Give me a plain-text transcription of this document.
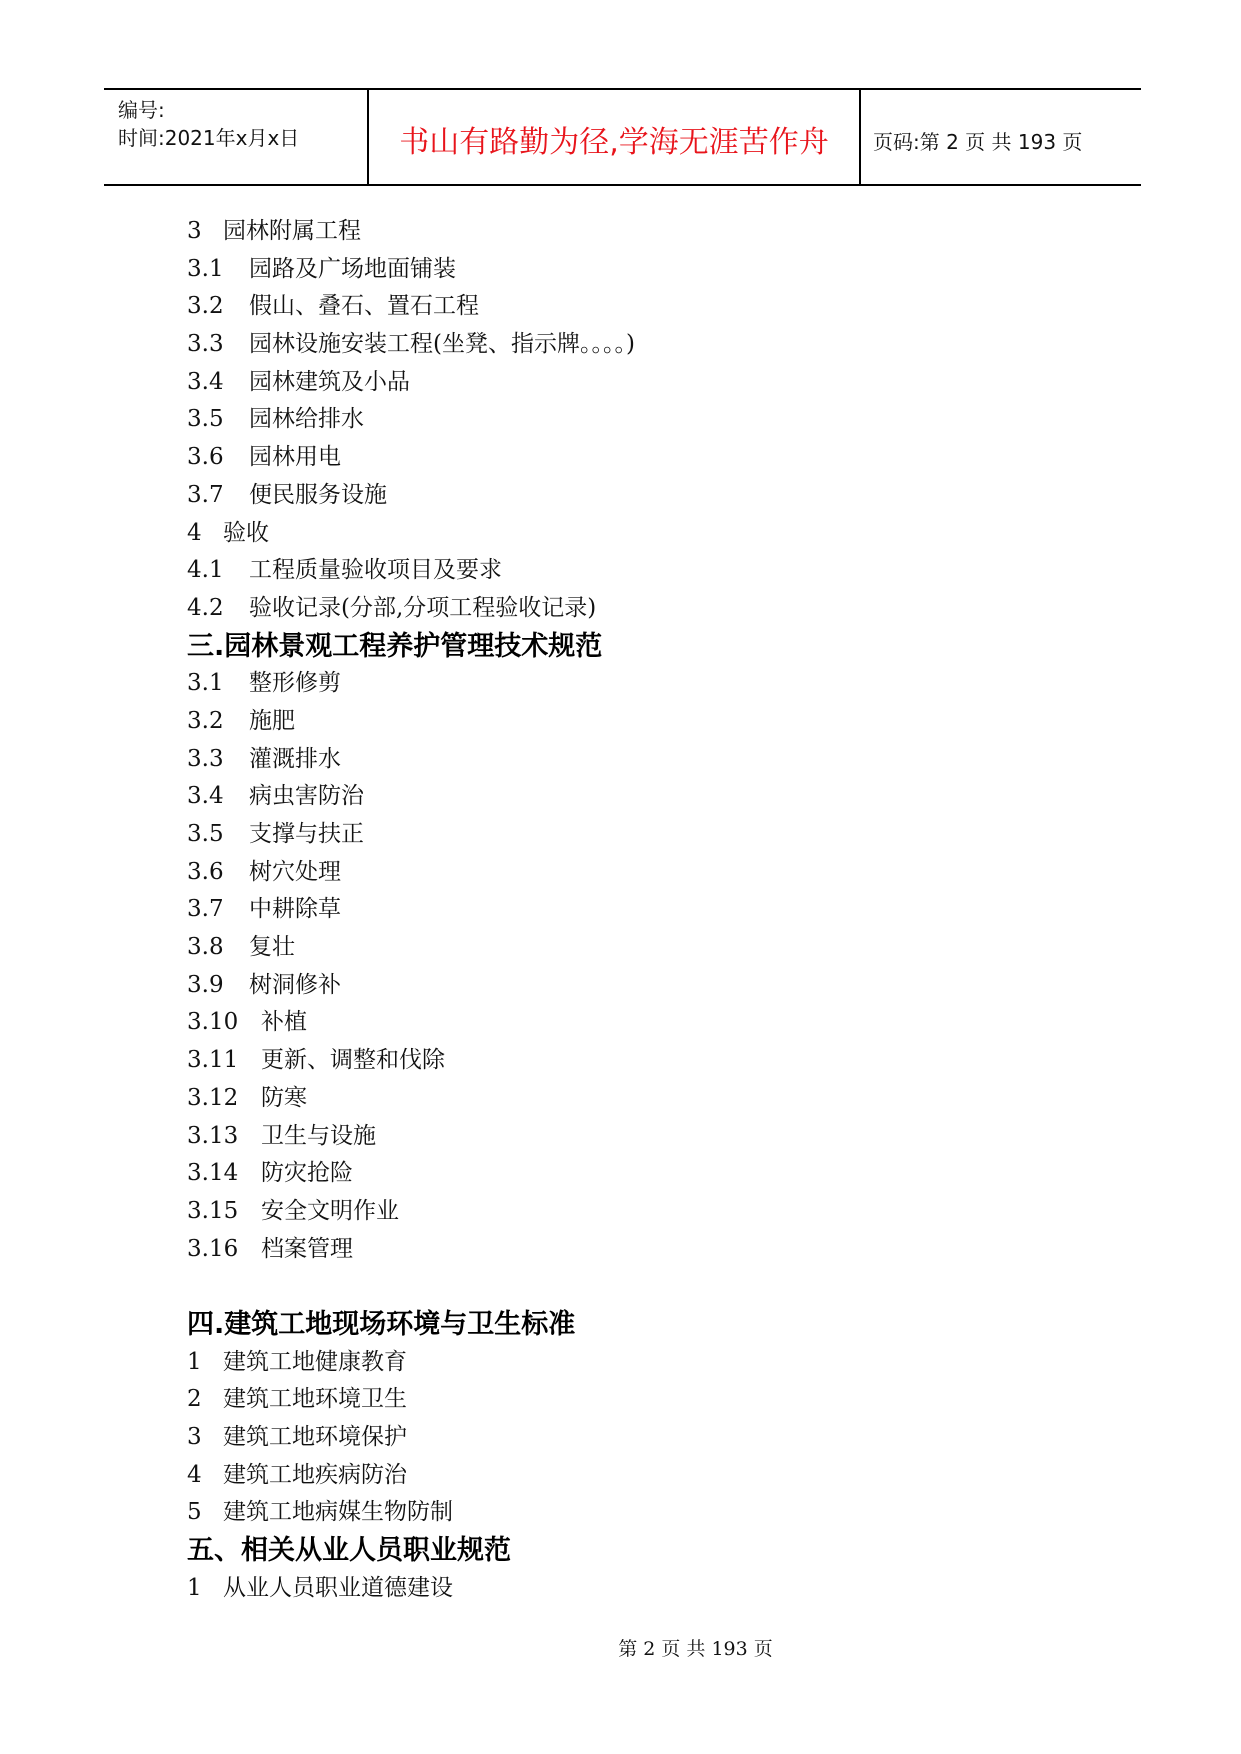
编号:
时间:2021年x月x日	书山有路勤为径,学海无涯苦作舟	页码:第 2 页 共 193 页
3 园林附属工程
3.1 园路及广场地面铺装
3.2 假山、叠石、置石工程
3.3 园林设施安装工程(坐凳、指示牌。。。。)
3.4 园林建筑及小品
3.5 园林给排水
3.6 园林用电
3.7 便民服务设施
4 验收
4.1 工程质量验收项目及要求
4.2 验收记录(分部,分项工程验收记录)
三.园林景观工程养护管理技术规范
3.1 整形修剪
3.2 施肥
3.3 灌溉排水
3.4 病虫害防治
3.5 支撑与扶正
3.6 树穴处理
3.7 中耕除草
3.8 复壮
3.9 树洞修补
3.10 补植
3.11 更新、调整和伐除
3.12 防寒
3.13 卫生与设施
3.14 防灾抢险
3.15 安全文明作业
3.16 档案管理
四.建筑工地现场环境与卫生标准
1 建筑工地健康教育
2 建筑工地环境卫生
3 建筑工地环境保护
4 建筑工地疾病防治
5 建筑工地病媒生物防制
五、相关从业人员职业规范
1 从业人员职业道德建设
第 2 页 共 193 页
